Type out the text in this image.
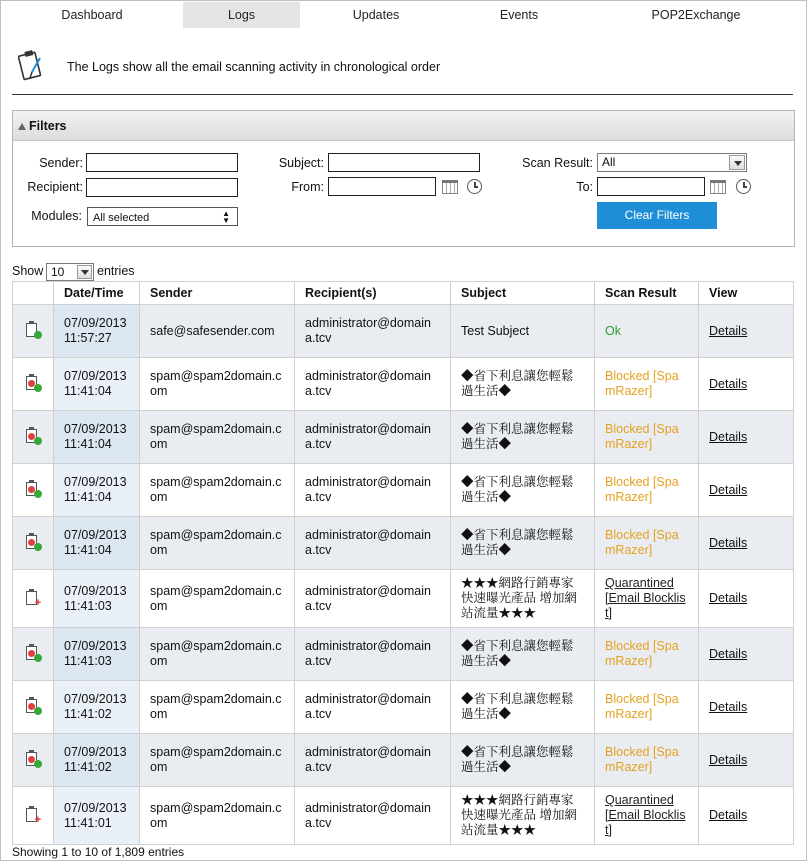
Dashboard	Logs	Updates	Events	POP2Exchange
The Logs show all the email scanning activity in chronological order
Filters
Sender:
Recipient:
Modules:	All selected	▲
▼
Subject:
From:
Scan Result: All
To:
Clear Filters
Show 10	entries
	Date/Time	Sender	Recipient(s)	Subject	Scan Result	View

	07/09/2013
11:57:27	safe@safesender.com	administrator@domaina.tcv	Test Subject	Ok	Details

	07/09/2013
11:41:04	spam@spam2domain.com	administrator@domaina.tcv	◆省下利息讓您輕鬆過生活◆	Blocked [SpamRazer]	Details

	07/09/2013
11:41:04	spam@spam2domain.com	administrator@domaina.tcv	◆省下利息讓您輕鬆過生活◆	Blocked [SpamRazer]	Details

	07/09/2013
11:41:04	spam@spam2domain.com	administrator@domaina.tcv	◆省下利息讓您輕鬆過生活◆	Blocked [SpamRazer]	Details

	07/09/2013
11:41:04	spam@spam2domain.com	administrator@domaina.tcv	◆省下利息讓您輕鬆過生活◆	Blocked [SpamRazer]	Details

+	07/09/2013
11:41:03	spam@spam2domain.com	administrator@domaina.tcv	★★★網路行銷專家 快速曝光產品 增加網站流量★★★	Quarantined [Email Blocklist]	Details

	07/09/2013
11:41:03	spam@spam2domain.com	administrator@domaina.tcv	◆省下利息讓您輕鬆過生活◆	Blocked [SpamRazer]	Details

	07/09/2013
11:41:02	spam@spam2domain.com	administrator@domaina.tcv	◆省下利息讓您輕鬆過生活◆	Blocked [SpamRazer]	Details

	07/09/2013
11:41:02	spam@spam2domain.com	administrator@domaina.tcv	◆省下利息讓您輕鬆過生活◆	Blocked [SpamRazer]	Details

+	07/09/2013
11:41:01	spam@spam2domain.com	administrator@domaina.tcv	★★★網路行銷專家 快速曝光產品 增加網站流量★★★	Quarantined [Email Blocklist]	Details
Showing 1 to 10 of 1,809 entries
